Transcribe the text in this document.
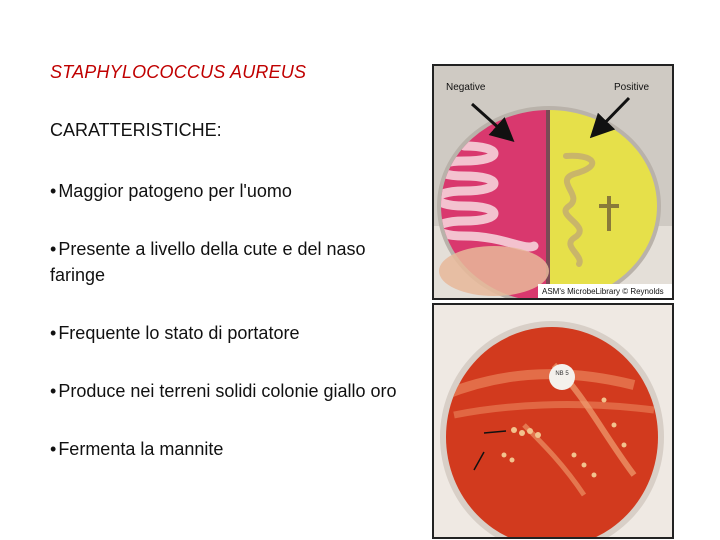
STAPHYLOCOCCUS AUREUS
CARATTERISTICHE:
• Maggior patogeno per l'uomo
• Presente a livello della cute e del naso faringe
• Frequente lo stato di portatore
• Produce nei terreni solidi colonie giallo oro
• Fermenta la mannite
Negative	Positive
ASM's MicrobeLibrary © Reynolds
NB 5
